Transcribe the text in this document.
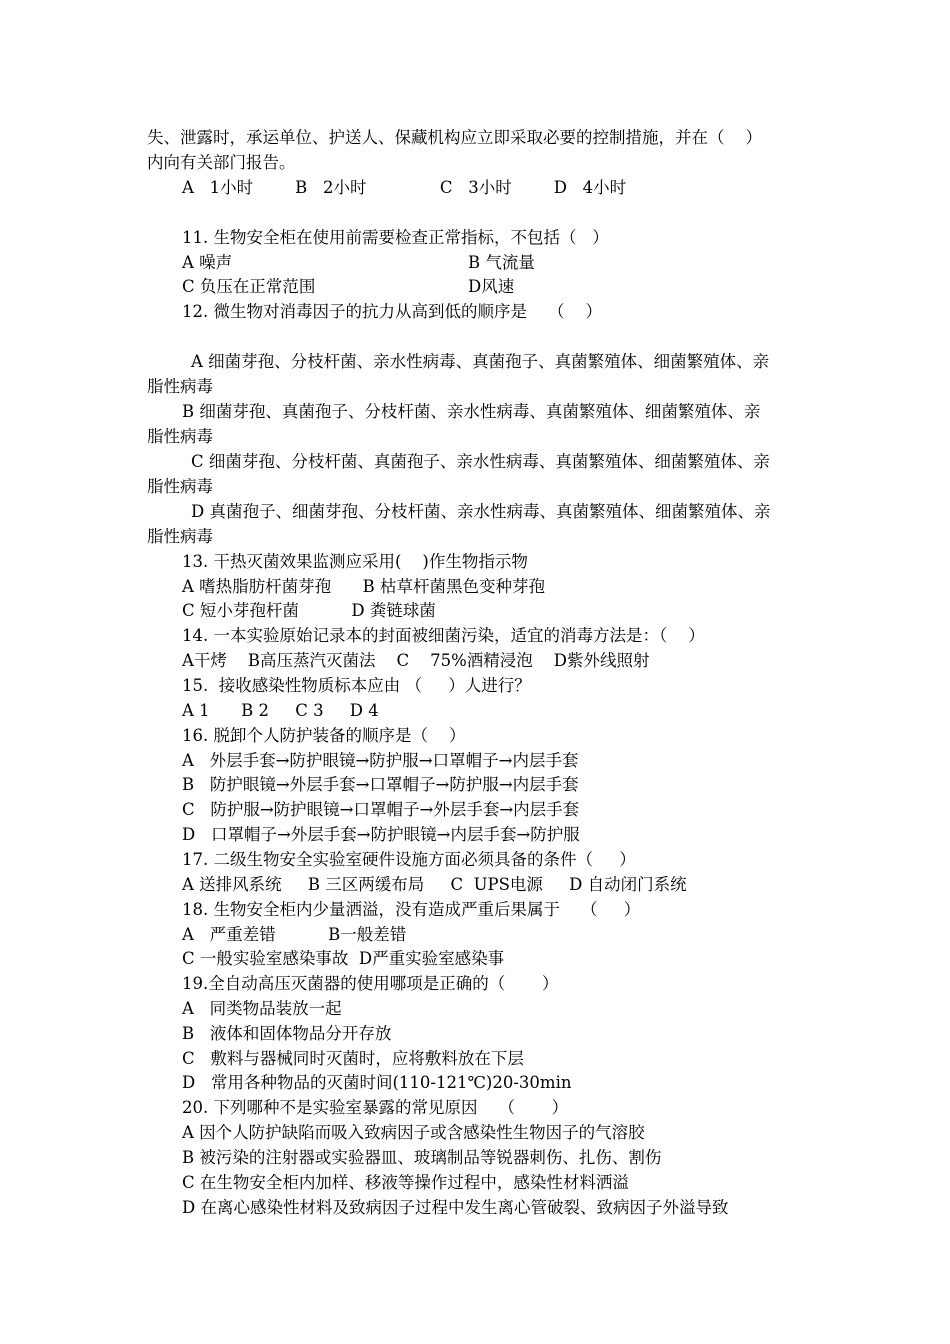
失、泄露时，承运单位、护送人、保藏机构应立即采取必要的控制措施，并在（    ）
内向有关部门报告。
A   1小时        B   2小时              C   3小时        D   4小时
11. 生物安全柜在使用前需要检查正常指标，不包括（   ）
A 噪声	B 气流量
C 负压在正常范围	D风速
12. 微生物对消毒因子的抗力从高到低的顺序是    （    ）
A 细菌芽孢、分枝杆菌、亲水性病毒、真菌孢子、真菌繁殖体、细菌繁殖体、亲
脂性病毒
B 细菌芽孢、真菌孢子、分枝杆菌、亲水性病毒、真菌繁殖体、细菌繁殖体、亲
脂性病毒
C 细菌芽孢、分枝杆菌、真菌孢子、亲水性病毒、真菌繁殖体、细菌繁殖体、亲
脂性病毒
D 真菌孢子、细菌芽孢、分枝杆菌、亲水性病毒、真菌繁殖体、细菌繁殖体、亲
脂性病毒
13. 干热灭菌效果监测应采用(    )作生物指示物
A 嗜热脂肪杆菌芽孢      B 枯草杆菌黑色变种芽孢
C 短小芽孢杆菌          D 粪链球菌
14. 一本实验原始记录本的封面被细菌污染，适宜的消毒方法是：（    ）
A干烤    B高压蒸汽灭菌法    C    75%酒精浸泡    D紫外线照射
15.  接收感染性物质标本应由 （     ）人进行？
A 1      B 2     C 3     D 4
16. 脱卸个人防护装备的顺序是（    ）
A   外层手套→防护眼镜→防护服→口罩帽子→内层手套
B   防护眼镜→外层手套→口罩帽子→防护服→内层手套
C   防护服→防护眼镜→口罩帽子→外层手套→内层手套
D   口罩帽子→外层手套→防护眼镜→内层手套→防护服
17. 二级生物安全实验室硬件设施方面必须具备的条件（     ）
A 送排风系统     B 三区两缓布局     C  UPS电源     D 自动闭门系统
18. 生物安全柜内少量洒溢，没有造成严重后果属于    （     ）
A   严重差错          B一般差错
C 一般实验室感染事故  D严重实验室感染事
19.全自动高压灭菌器的使用哪项是正确的（       ）
A   同类物品装放一起
B   液体和固体物品分开存放
C   敷料与器械同时灭菌时，应将敷料放在下层
D   常用各种物品的灭菌时间(110-121℃)20-30min
20. 下列哪种不是实验室暴露的常见原因    （       ）
A 因个人防护缺陷而吸入致病因子或含感染性生物因子的气溶胶
B 被污染的注射器或实验器皿、玻璃制品等锐器刺伤、扎伤、割伤
C 在生物安全柜内加样、移液等操作过程中，感染性材料洒溢
D 在离心感染性材料及致病因子过程中发生离心管破裂、致病因子外溢导致
